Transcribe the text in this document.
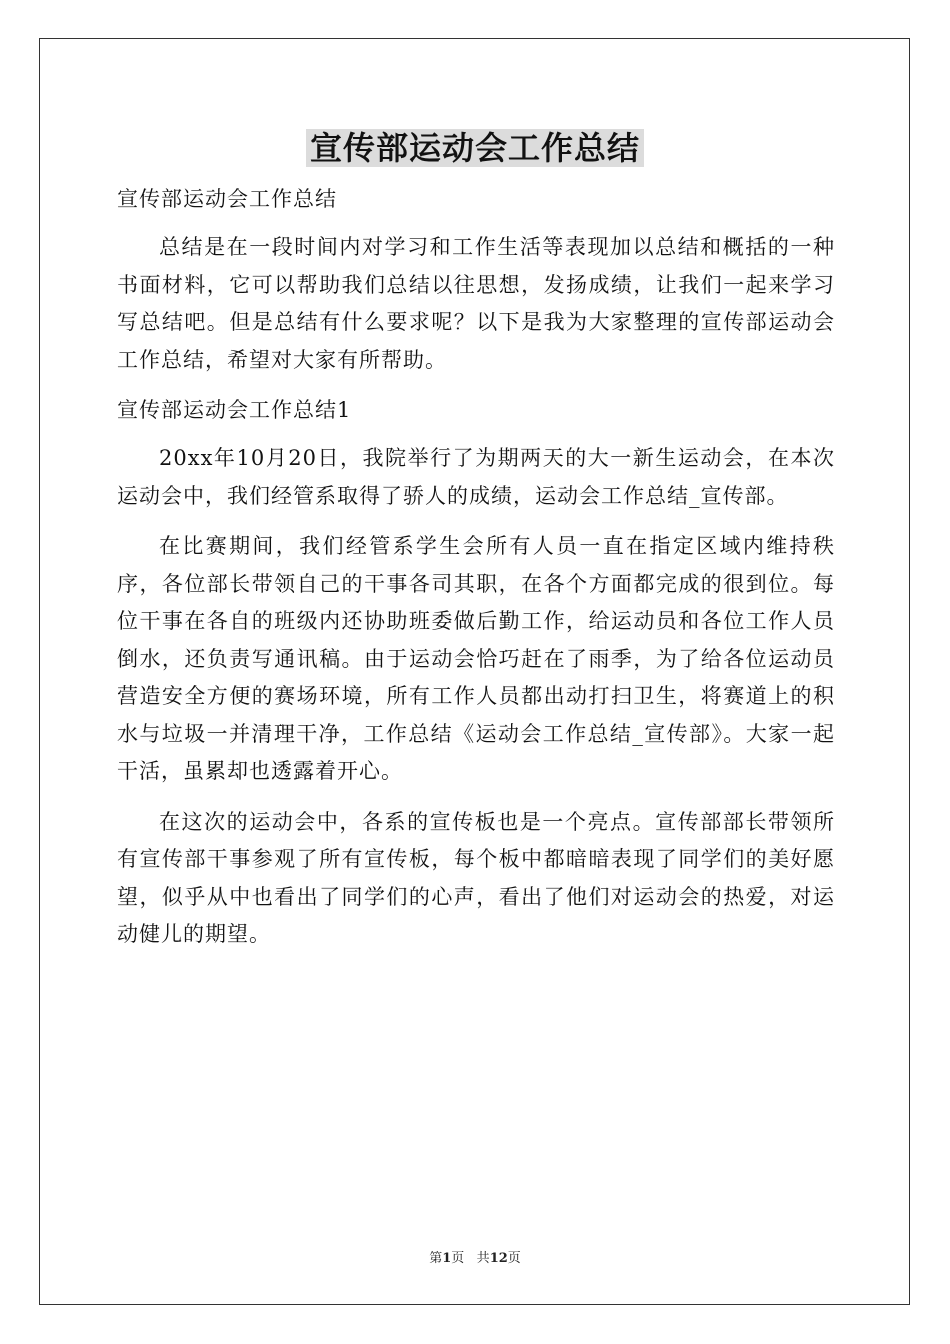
宣传部运动会工作总结

宣传部运动会工作总结

总结是在一段时间内对学习和工作生活等表现加以总结和概括的一种书面材料，它可以帮助我们总结以往思想，发扬成绩，让我们一起来学习写总结吧。但是总结有什么要求呢？以下是我为大家整理的宣传部运动会工作总结，希望对大家有所帮助。

宣传部运动会工作总结1

20xx年10月20日，我院举行了为期两天的大一新生运动会，在本次运动会中，我们经管系取得了骄人的成绩，运动会工作总结_宣传部。

在比赛期间，我们经管系学生会所有人员一直在指定区域内维持秩序，各位部长带领自己的干事各司其职，在各个方面都完成的很到位。每位干事在各自的班级内还协助班委做后勤工作，给运动员和各位工作人员倒水，还负责写通讯稿。由于运动会恰巧赶在了雨季，为了给各位运动员营造安全方便的赛场环境，所有工作人员都出动打扫卫生，将赛道上的积水与垃圾一并清理干净，工作总结《运动会工作总结_宣传部》。大家一起干活，虽累却也透露着开心。

在这次的运动会中，各系的宣传板也是一个亮点。宣传部部长带领所有宣传部干事参观了所有宣传板，每个板中都暗暗表现了同学们的美好愿望，似乎从中也看出了同学们的心声，看出了他们对运动会的热爱，对运动健儿的期望。

第1页 共12页
